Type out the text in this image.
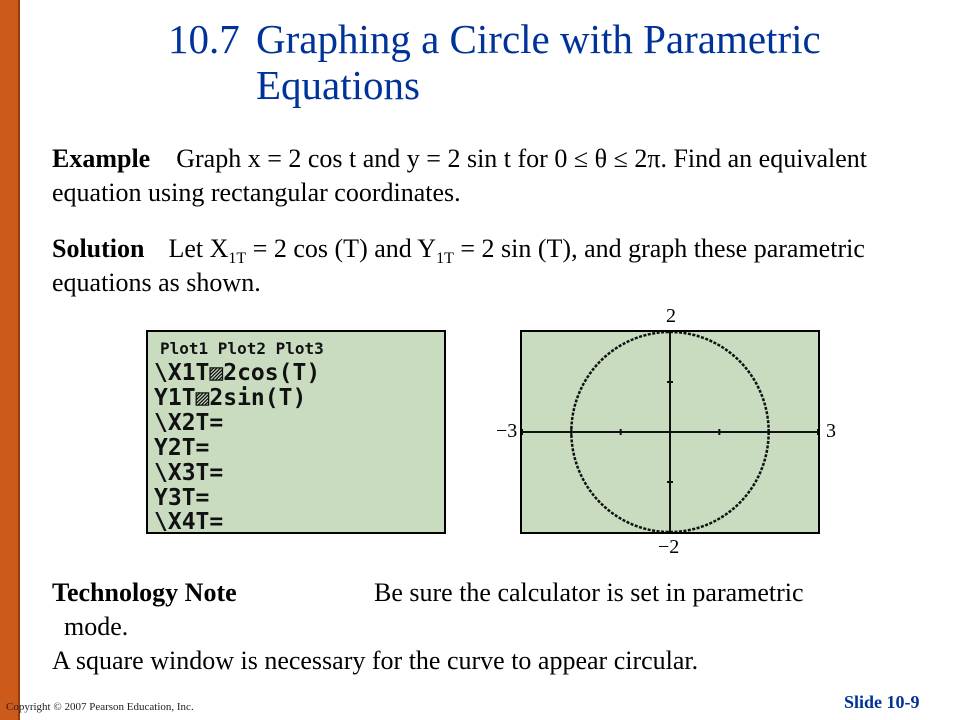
10.7 Graphing a Circle with Parametric
Equations
Example Graph x = 2 cos t and y = 2 sin t for 0 ≤ θ ≤ 2π. Find an equivalent equation using rectangular coordinates.
Solution Let $X_{1T} = 2$ cos (T) and $Y_{1T} = 2$ sin (T), and graph these parametric equations as shown.
Plot1 Plot2 Plot3
\X1T▨2cos(T)
Y1T▨2sin(T)
\X2T=
Y2T=
\X3T=
Y3T=
\X4T=
2
−2
−3	3
Technology Note	Be sure the calculator is set in parametric
mode.
A square window is necessary for the curve to appear circular.
Copyright © 2007 Pearson Education, Inc.	Slide 10-9
